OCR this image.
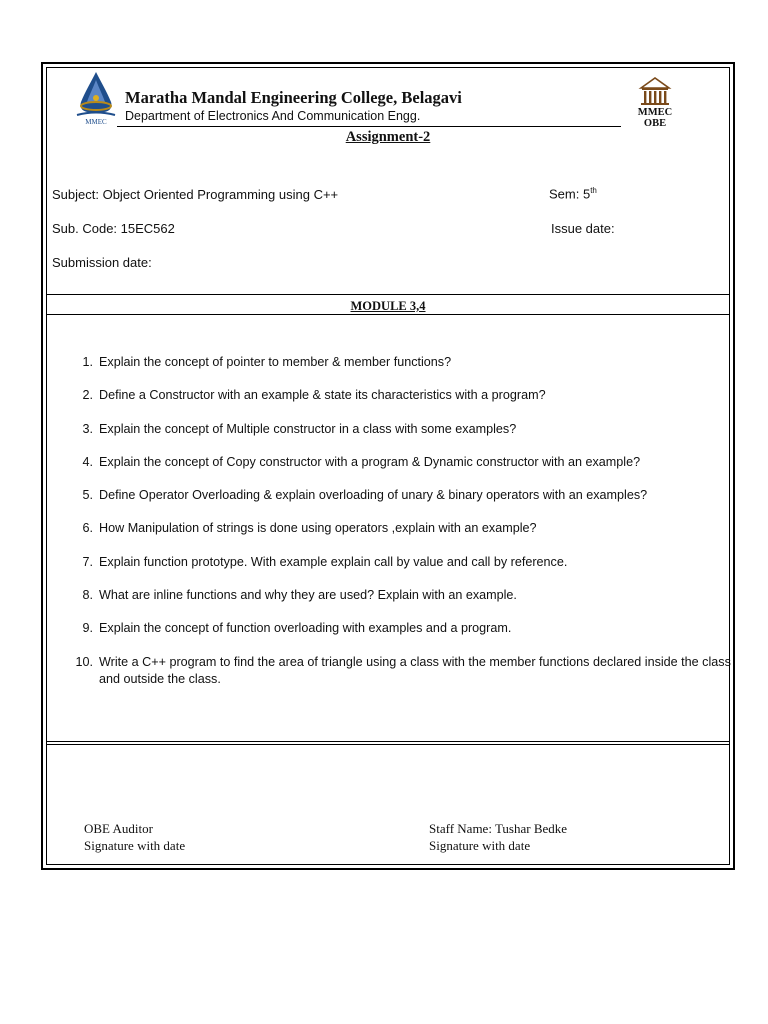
MMEC
Maratha Mandal Engineering College, Belagavi
Department of Electronics And Communication Engg.	MMEC
OBE
Assignment-2
Subject: Object Oriented Programming using C++	Sem: 5th
Sub. Code: 15EC562	Issue date:
Submission date:
MODULE 3,4
1. Explain the concept of pointer to member & member functions?
2. Define a Constructor with an example & state its characteristics with a program?
3. Explain the concept of Multiple constructor in a class with some examples?
4. Explain the concept of Copy constructor with a program & Dynamic constructor with an example?
5. Define Operator Overloading & explain overloading of unary & binary operators with an examples?
6. How Manipulation of strings is done using operators ,explain with an example?
7. Explain function prototype. With example explain call by value and call by reference.
8. What are inline functions and why they are used? Explain with an example.
9. Explain the concept of function overloading with examples and a program.
10. Write a C++ program to find the area of triangle using a class with the member functions declared inside the class and outside the class.
OBE Auditor
Signature with date
Staff Name: Tushar Bedke
Signature with date
